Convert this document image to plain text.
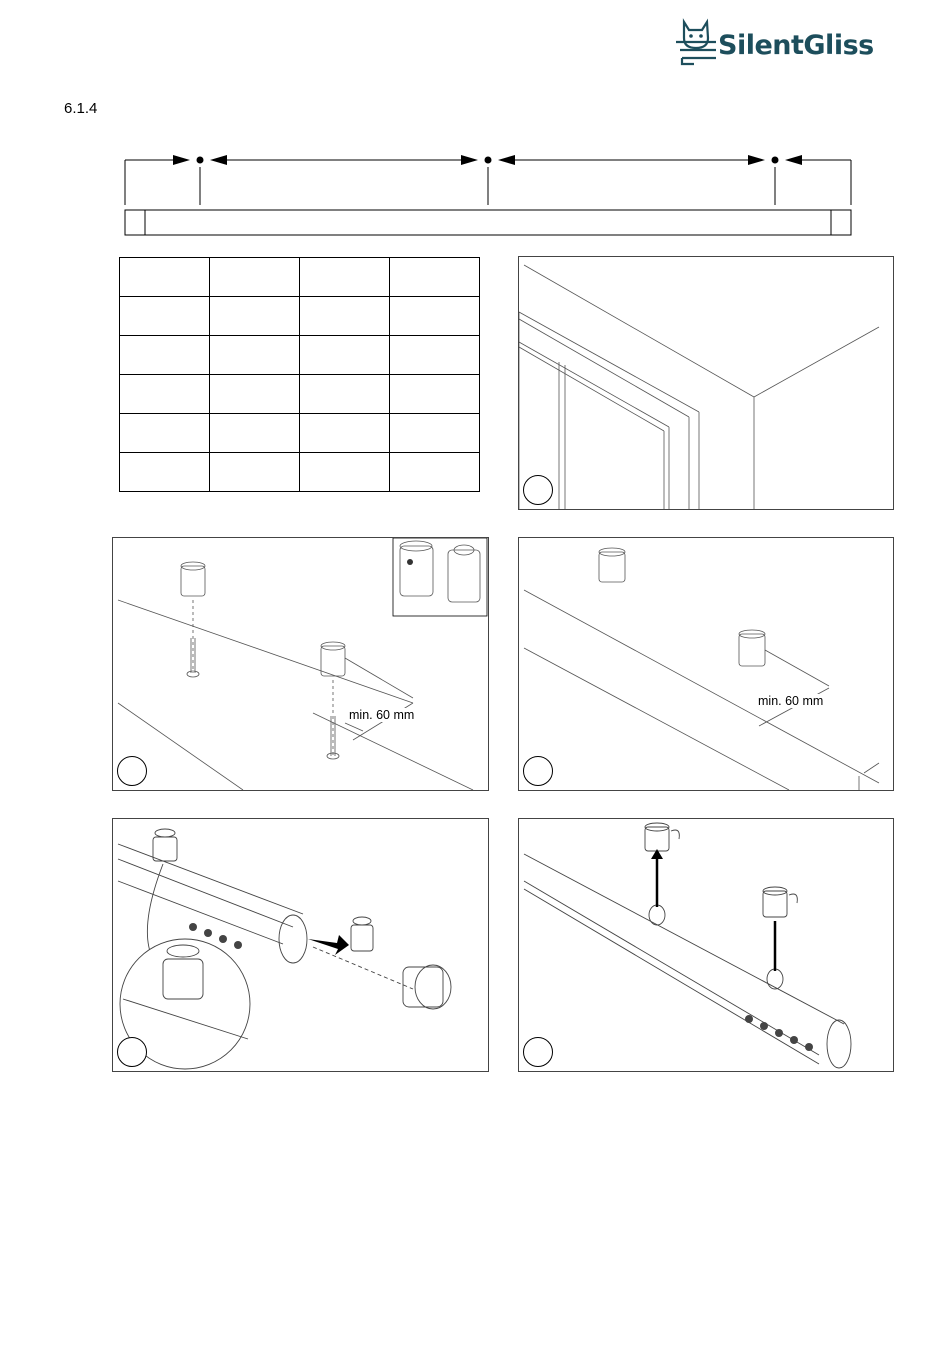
SilentGliss
6.1.4

min. 60 mm
min. 60 mm
